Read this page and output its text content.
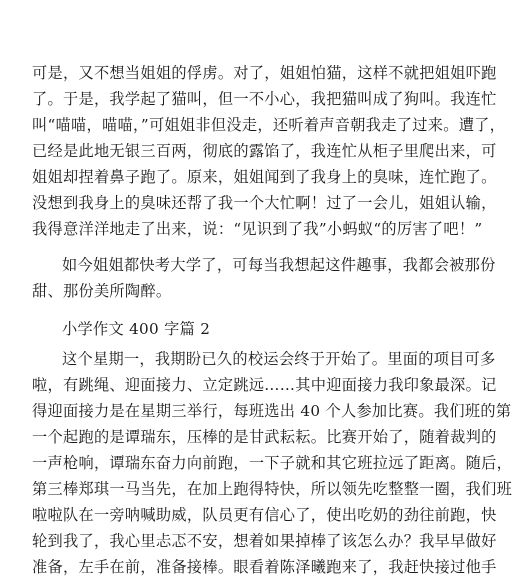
可是，又不想当姐姐的俘虏。对了，姐姐怕猫，这样不就把姐姐吓跑
了。于是，我学起了猫叫，但一不小心，我把猫叫成了狗叫。我连忙
叫“喵喵，喵喵，”可姐姐非但没走，还听着声音朝我走了过来。遭了，
已经是此地无银三百两，彻底的露馅了，我连忙从柜子里爬出来，可
姐姐却捏着鼻子跑了。原来，姐姐闻到了我身上的臭味，连忙跑了。
没想到我身上的臭味还帮了我一个大忙啊！过了一会儿，姐姐认输，
我得意洋洋地走了出来，说：“见识到了我”小蚂蚁“的厉害了吧！”
如今姐姐都快考大学了，可每当我想起这件趣事，我都会被那份
甜、那份美所陶醉。
小学作文 400 字篇 2
这个星期一，我期盼已久的校运会终于开始了。里面的项目可多
啦，有跳绳、迎面接力、立定跳远……其中迎面接力我印象最深。记
得迎面接力是在星期三举行，每班选出 40 个人参加比赛。我们班的第
一个起跑的是谭瑞东，压棒的是甘武耘耘。比赛开始了，随着裁判的
一声枪响，谭瑞东奋力向前跑，一下子就和其它班拉远了距离。随后，
第三棒郑琪一马当先，在加上跑得特快，所以领先吃整整一圈，我们班
啦啦队在一旁呐喊助威，队员更有信心了，使出吃奶的劲往前跑，快
轮到我了，我心里忐忑不安，想着如果掉棒了该怎么办？我早早做好
准备，左手在前，准备接棒。眼看着陈泽曦跑来了，我赶快接过他手
